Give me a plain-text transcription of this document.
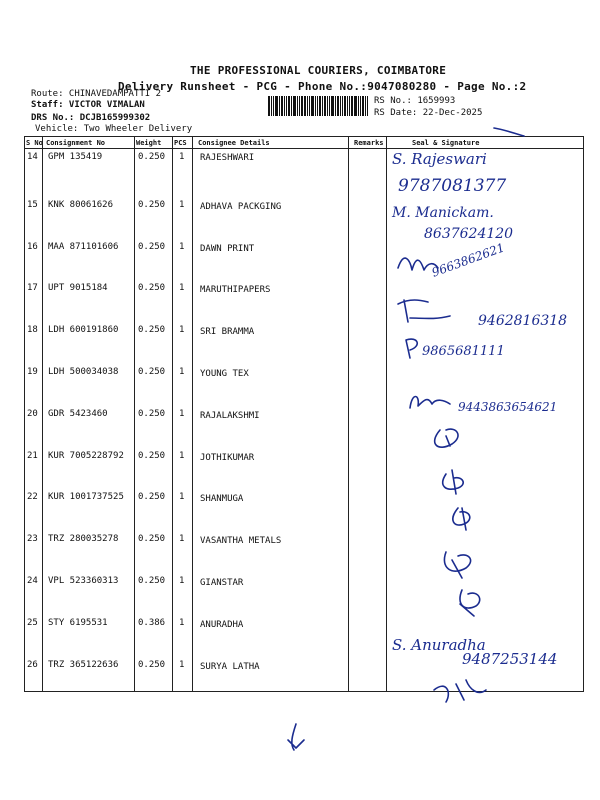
THE PROFESSIONAL COURIERS, COIMBATORE
Delivery Runsheet - PCG - Phone No.:9047080280 - Page No.:2
Route: CHINAVEDAMPATTI 2
Staff: VICTOR VIMALAN
DRS No.: DCJB165999302
Vehicle: Two Wheeler Delivery
RS No.: 1659993
RS Date: 22-Dec-2025
S No Consignment No	Weight PCS Consignee Details	Remarks	Seal & Signature
14 GPM 135419	0.250 1 RAJESHWARI
15 KNK 80061626	0.250 1 ADHAVA PACKGING
16 MAA 871101606 0.250 1 DAWN PRINT
17 UPT 9015184	0.250 1 MARUTHIPAPERS
18 LDH 600191860 0.250 1 SRI BRAMMA
19 LDH 500034038 0.250 1 YOUNG TEX
20 GDR 5423460	0.250 1 RAJALAKSHMI
21 KUR 7005228792 0.250 1 JOTHIKUMAR
22 KUR 1001737525 0.250 1 SHANMUGA
23 TRZ 280035278 0.250 1 VASANTHA METALS
24 VPL 523360313 0.250 1 GIANSTAR
25 STY 6195531	0.386 1 ANURADHA
26 TRZ 365122636 0.250 1 SURYA LATHA
S. Rajeswari
9787081377
M. Manickam.
8637624120
9663862621
9462816318
9865681111
9443863654621
S. Anuradha
9487253144
